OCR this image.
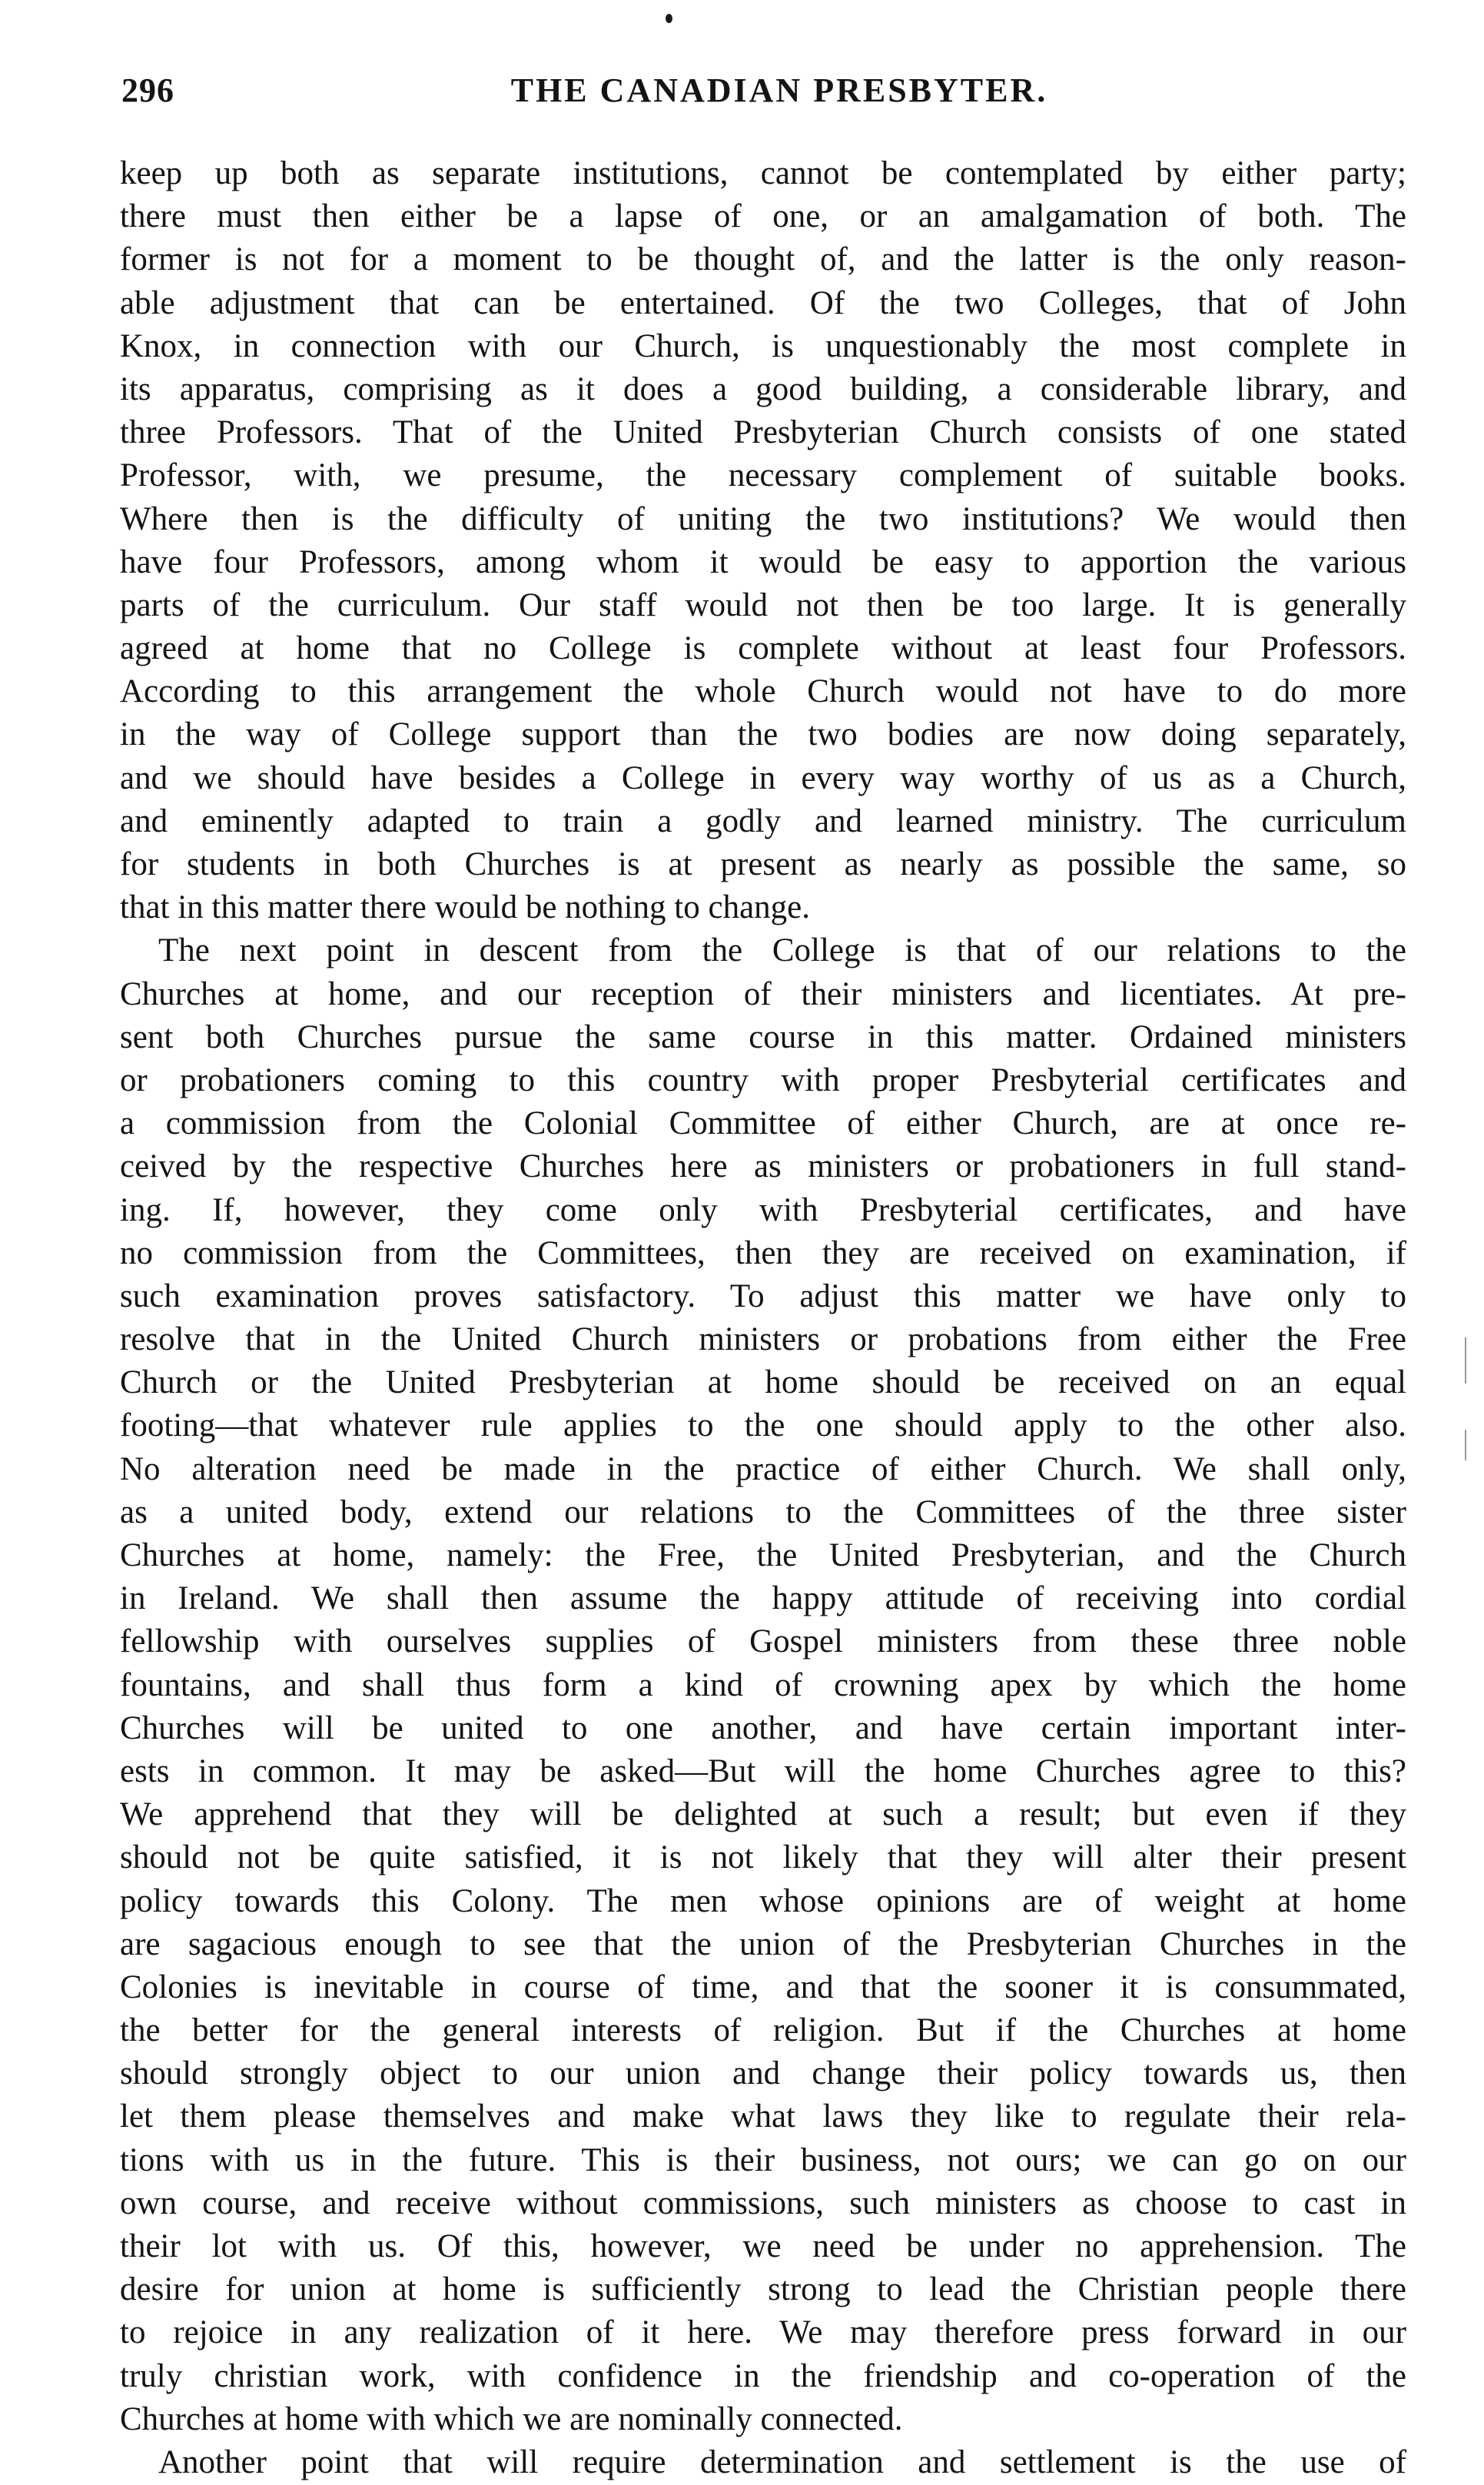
296	THE CANADIAN PRESBYTER.
keep up both as separate institutions, cannot be contemplated by either party;
there must then either be a lapse of one, or an amalgamation of both. The
former is not for a moment to be thought of, and the latter is the only reason-
able adjustment that can be entertained. Of the two Colleges, that of John
Knox, in connection with our Church, is unquestionably the most complete in
its apparatus, comprising as it does a good building, a considerable library, and
three Professors. That of the United Presbyterian Church consists of one stated
Professor, with, we presume, the necessary complement of suitable books.
Where then is the difficulty of uniting the two institutions? We would then
have four Professors, among whom it would be easy to apportion the various
parts of the curriculum. Our staff would not then be too large. It is generally
agreed at home that no College is complete without at least four Professors.
According to this arrangement the whole Church would not have to do more
in the way of College support than the two bodies are now doing separately,
and we should have besides a College in every way worthy of us as a Church,
and eminently adapted to train a godly and learned ministry. The curriculum
for students in both Churches is at present as nearly as possible the same, so
that in this matter there would be nothing to change.
The next point in descent from the College is that of our relations to the
Churches at home, and our reception of their ministers and licentiates. At pre-
sent both Churches pursue the same course in this matter. Ordained ministers
or probationers coming to this country with proper Presbyterial certificates and
a commission from the Colonial Committee of either Church, are at once re-
ceived by the respective Churches here as ministers or probationers in full stand-
ing. If, however, they come only with Presbyterial certificates, and have
no commission from the Committees, then they are received on examination, if
such examination proves satisfactory. To adjust this matter we have only to
resolve that in the United Church ministers or probations from either the Free
Church or the United Presbyterian at home should be received on an equal
footing—that whatever rule applies to the one should apply to the other also.
No alteration need be made in the practice of either Church. We shall only,
as a united body, extend our relations to the Committees of the three sister
Churches at home, namely: the Free, the United Presbyterian, and the Church
in Ireland. We shall then assume the happy attitude of receiving into cordial
fellowship with ourselves supplies of Gospel ministers from these three noble
fountains, and shall thus form a kind of crowning apex by which the home
Churches will be united to one another, and have certain important inter-
ests in common. It may be asked—But will the home Churches agree to this?
We apprehend that they will be delighted at such a result; but even if they
should not be quite satisfied, it is not likely that they will alter their present
policy towards this Colony. The men whose opinions are of weight at home
are sagacious enough to see that the union of the Presbyterian Churches in the
Colonies is inevitable in course of time, and that the sooner it is consummated,
the better for the general interests of religion. But if the Churches at home
should strongly object to our union and change their policy towards us, then
let them please themselves and make what laws they like to regulate their rela-
tions with us in the future. This is their business, not ours; we can go on our
own course, and receive without commissions, such ministers as choose to cast in
their lot with us. Of this, however, we need be under no apprehension. The
desire for union at home is sufficiently strong to lead the Christian people there
to rejoice in any realization of it here. We may therefore press forward in our
truly christian work, with confidence in the friendship and co-operation of the
Churches at home with which we are nominally connected.
Another point that will require determination and settlement is the use of
